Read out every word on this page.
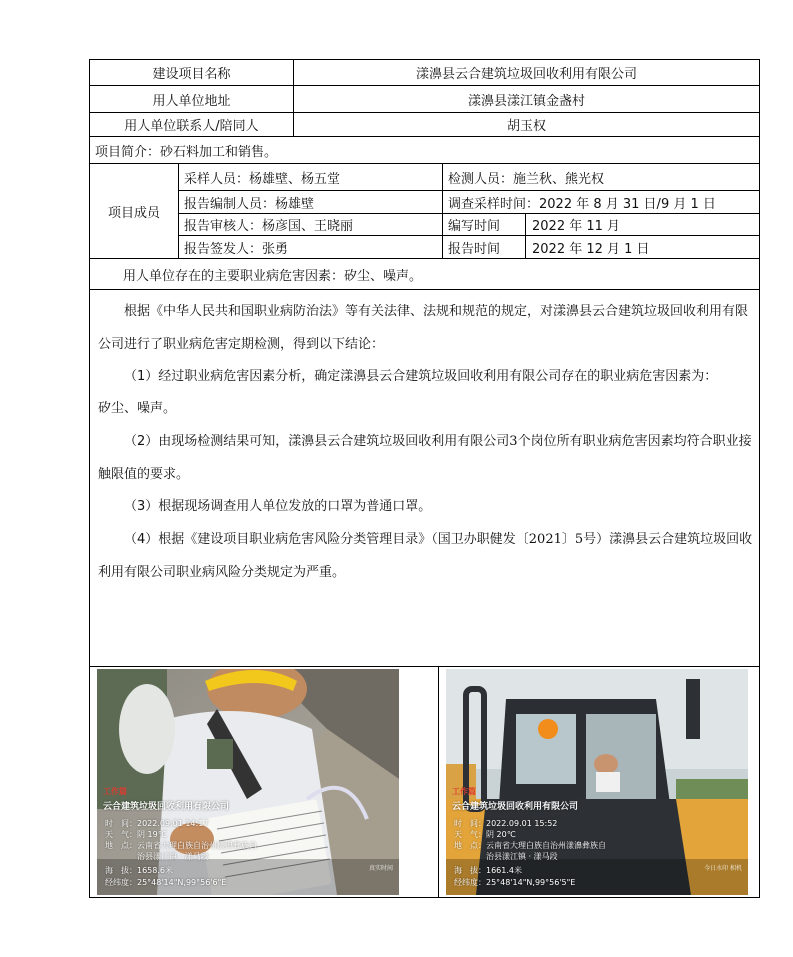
建设项目名称	漾濞县云合建筑垃圾回收利用有限公司
用人单位地址	漾濞县漾江镇金盏村
用人单位联系人/陪同人	胡玉权
项目简介：砂石料加工和销售。
项目成员
采样人员：杨雄壁、杨五堂	检测人员：施兰秋、熊光权
报告编制人员：杨雄壁	调查采样时间：2022 年 8 月 31 日/9 月 1 日
报告审核人：杨彦国、王晓丽	编写时间	2022 年 11 月
报告签发人：张勇	报告时间	2022 年 12 月 1 日
用人单位存在的主要职业病危害因素：矽尘、噪声。
根据《中华人民共和国职业病防治法》等有关法律、法规和规范的规定，对漾濞县云合建筑垃圾回收利用有限公司进行了职业病危害定期检测，得到以下结论：
（1）经过职业病危害因素分析，确定漾濞县云合建筑垃圾回收利用有限公司存在的职业病危害因素为：
矽尘、噪声。
（2）由现场检测结果可知，漾濞县云合建筑垃圾回收利用有限公司3个岗位所有职业病危害因素均符合职业接触限值的要求。
（3）根据现场调查用人单位发放的口罩为普通口罩。
（4）根据《建设项目职业病危害风险分类管理目录》（国卫办职健发〔2021〕5号）漾濞县云合建筑垃圾回收利用有限公司职业病风险分类规定为严重。
工作篇
云合建筑垃圾回收利用有限公司
时　间：2022.09.01 14:17
天　气：阴 19℃
地　点：云南省大理白族自治州漾濞彝族自
治县漾江镇 · 漾马段
海　拔：1658.6米
经纬度：25°48'14"N,99°56'6"E
真实时间
工作篇
云合建筑垃圾回收利用有限公司
时　间：2022.09.01 15:52
天　气：阴 20℃
地　点：云南省大理白族自治州漾濞彝族自
治县漾江镇 · 漾马段
海　拔：1661.4米
经纬度：25°48'14"N,99°56'5"E
今日水印 相机
